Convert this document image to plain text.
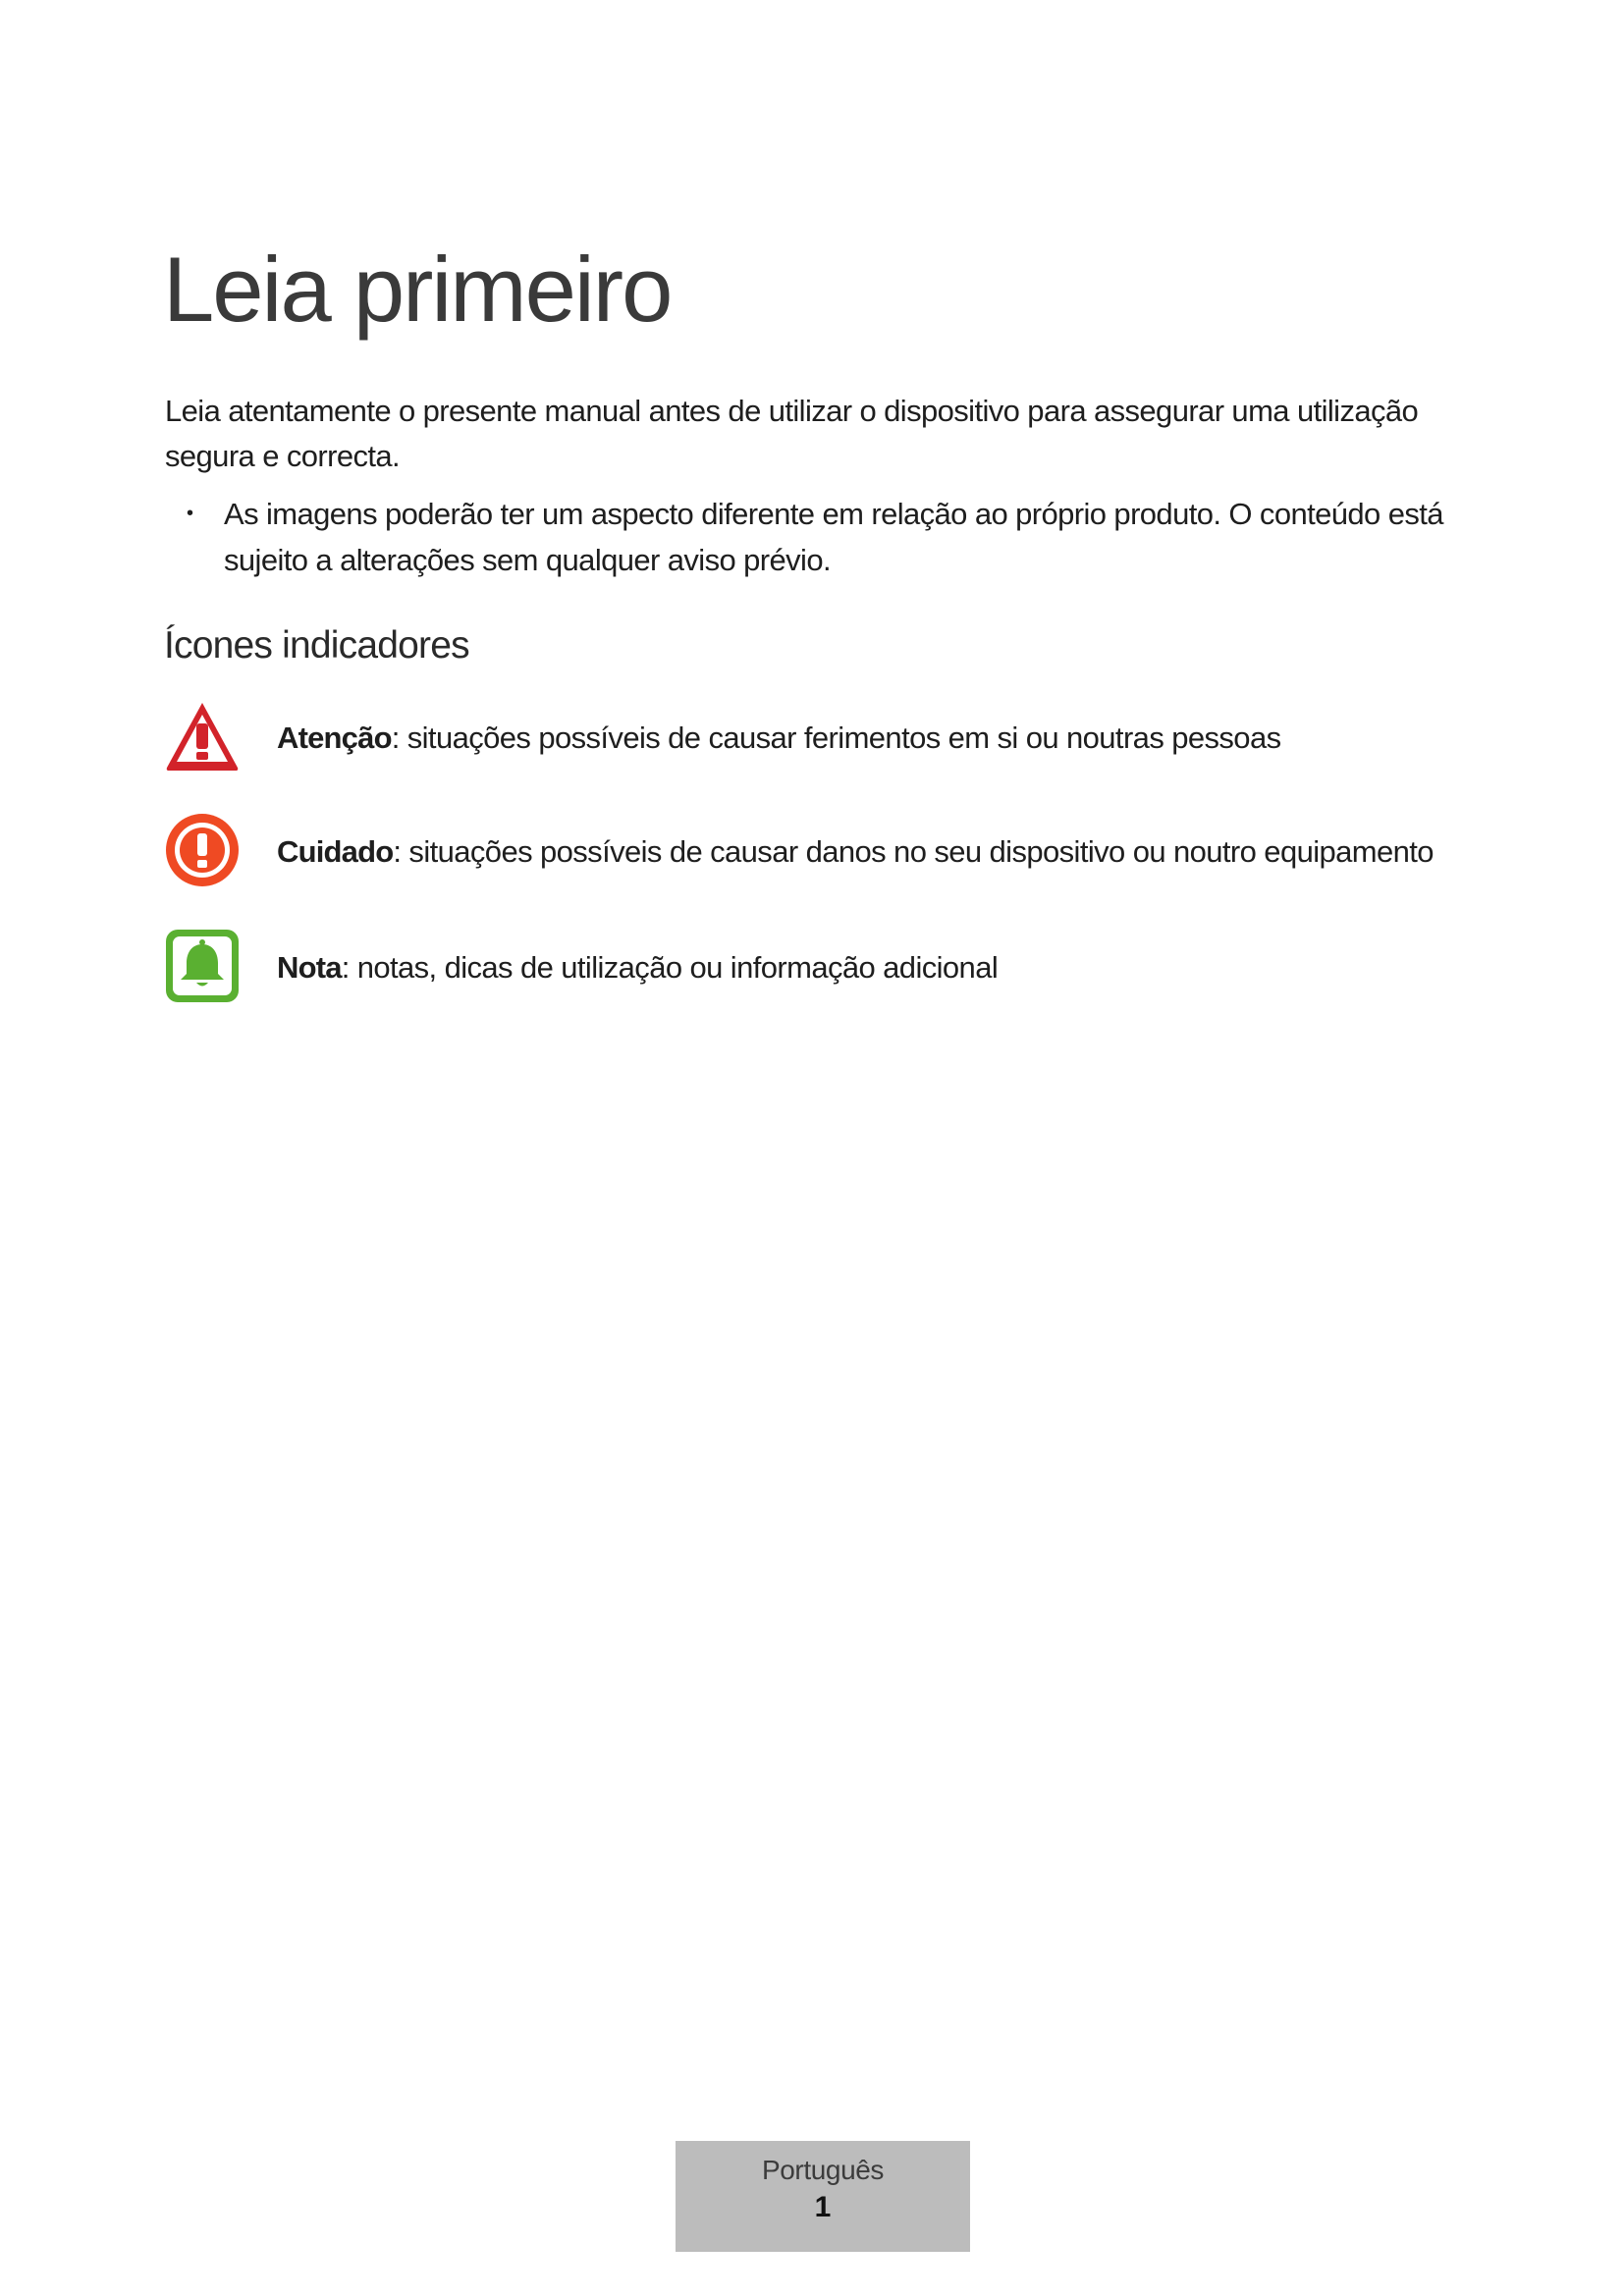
Leia primeiro

Leia atentamente o presente manual antes de utilizar o dispositivo para assegurar uma utilização segura e correcta.

• As imagens poderão ter um aspecto diferente em relação ao próprio produto. O conteúdo está sujeito a alterações sem qualquer aviso prévio.
Ícones indicadores
Atenção: situações possíveis de causar ferimentos em si ou noutras pessoas
Cuidado: situações possíveis de causar danos no seu dispositivo ou noutro equipamento
Nota: notas, dicas de utilização ou informação adicional
Português
1
